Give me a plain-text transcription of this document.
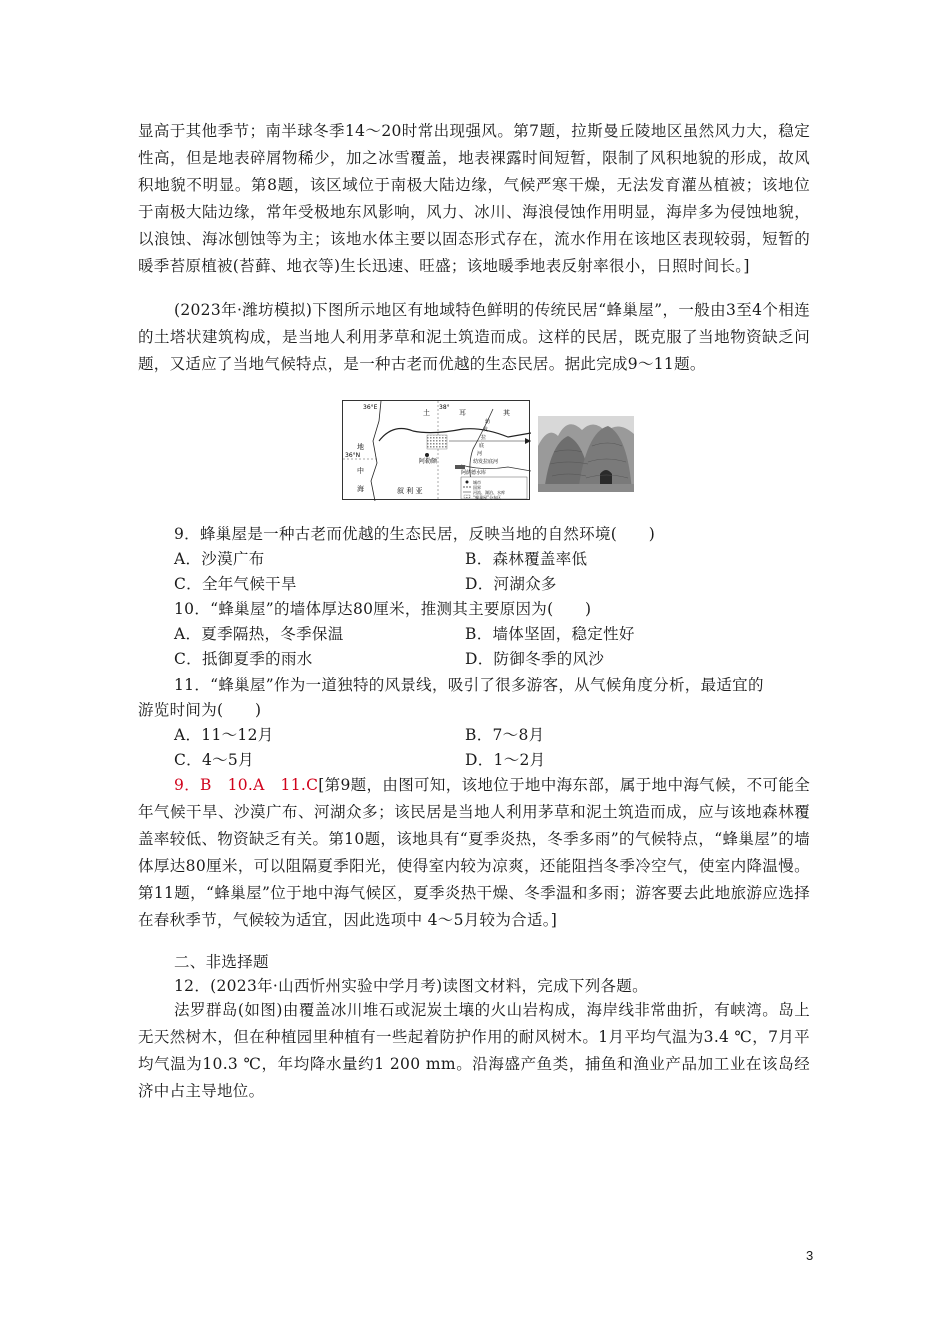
显高于其他季节；南半球冬季14～20时常出现强风。第7题，拉斯曼丘陵地区虽然风力大，稳定性高，但是地表碎屑物稀少，加之冰雪覆盖，地表裸露时间短暂，限制了风积地貌的形成，故风积地貌不明显。第8题，该区域位于南极大陆边缘，气候严寒干燥，无法发育灌丛植被；该地位于南极大陆边缘，常年受极地东风影响，风力、冰川、海浪侵蚀作用明显，海岸多为侵蚀地貌，以浪蚀、海冰刨蚀等为主；该地水体主要以固态形式存在，流水作用在该地区表现较弱，短暂的暖季苔原植被(苔藓、地衣等)生长迅速、旺盛；该地暖季地表反射率很小，日照时间长。]

(2023年·潍坊模拟)下图所示地区有地域特色鲜明的传统民居“蜂巢屋”，一般由3至4个相连的土塔状建筑构成，是当地人利用茅草和泥土筑造而成。这样的民居，既克服了当地物资缺乏问题，又适应了当地气候特点，是一种古老而优越的生态民居。据此完成9～11题。

36°E	38°
36°N
土	耳	其
地
中
海
阿勒颇
幼
发
拉
底
河
幼发拉底河
阿萨德水库
叙 利 亚
城市
国界
河流、湖泊、水库
“蜂巢屋”分布区
9．蜂巢屋是一种古老而优越的生态民居，反映当地的自然环境(　　)
A．沙漠广布	B．森林覆盖率低
C．全年气候干旱	D．河湖众多
10．“蜂巢屋”的墙体厚达80厘米，推测其主要原因为(　　)
A．夏季隔热，冬季保温	B．墙体坚固，稳定性好
C．抵御夏季的雨水	D．防御冬季的风沙
11．“蜂巢屋”作为一道独特的风景线，吸引了很多游客，从气候角度分析，最适宜的
游览时间为(　　)
A．11～12月	B．7～8月
C．4～5月	D．1～2月

9．B　10.A　11.C[第9题，由图可知，该地位于地中海东部，属于地中海气候，不可能全年气候干旱、沙漠广布、河湖众多；该民居是当地人利用茅草和泥土筑造而成，应与该地森林覆盖率较低、物资缺乏有关。第10题，该地具有“夏季炎热，冬季多雨”的气候特点，“蜂巢屋”的墙体厚达80厘米，可以阻隔夏季阳光，使得室内较为凉爽，还能阻挡冬季冷空气，使室内降温慢。第11题，“蜂巢屋”位于地中海气候区，夏季炎热干燥、冬季温和多雨；游客要去此地旅游应选择在春秋季节，气候较为适宜，因此选项中 4～5月较为合适。]

二、非选择题
12．(2023年·山西忻州实验中学月考)读图文材料，完成下列各题。

法罗群岛(如图)由覆盖冰川堆石或泥炭土壤的火山岩构成，海岸线非常曲折，有峡湾。岛上无天然树木，但在种植园里种植有一些起着防护作用的耐风树木。1月平均气温为3.4 ℃，7月平均气温为10.3 ℃，年均降水量约1 200 mm。沿海盛产鱼类，捕鱼和渔业产品加工业在该岛经济中占主导地位。

3
